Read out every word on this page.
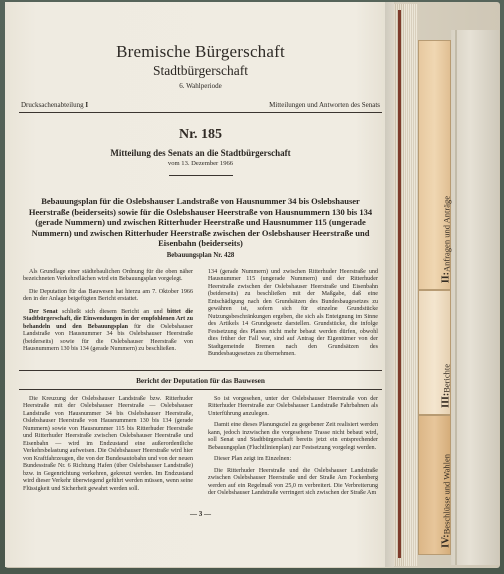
II:Anfragen und Anträge
III:Berichte
IV:Beschlüsse und Wahlen
Bremische Bürgerschaft
Stadtbürgerschaft
6. Wahlperiode
Drucksachenabteilung I	Mitteilungen und Antworten des Senats
Nr. 185
Mitteilung des Senats an die Stadtbürgerschaft
vom 13. Dezember 1966
Bebauungsplan für die Oslebshauser Landstraße von Hausnummer 34 bis Oslebshauser Heerstraße (beiderseits) sowie für die Oslebshauser Heerstraße von Hausnummern 130 bis 134 (gerade Nummern) und zwischen Ritterhuder Heerstraße und Hausnummer 115 (ungerade Nummern) und zwischen Ritterhuder Heerstraße zwischen der Oslebshauser Heerstraße und Eisenbahn (beiderseits)
Bebauungsplan Nr. 428

Als Grundlage einer städtebaulichen Ordnung für die oben näher bezeichneten Verkehrsflächen wird ein Bebauungsplan vorgelegt.

Die Deputation für das Bauwesen hat hierzu am 7. Oktober 1966 den in der Anlage beigefügten Bericht erstattet.

Der Senat schließt sich diesem Bericht an und bittet die Stadtbürgerschaft, die Einwendungen in der empfohlenen Art zu behandeln und den Bebauungsplan für die Oslebshauser Landstraße von Hausnummer 34 bis Oslebshauser Heerstraße (beiderseits) sowie für die Oslebshauser Heerstraße von Hausnummern 130 bis 134 (gerade Nummern) zu beschließen.

134 (gerade Nummern) und zwischen Ritterhuder Heerstraße und Hausnummer 115 (ungerade Nummern) und der Ritterhuder Heerstraße zwischen der Oslebshauser Heerstraße und Eisenbahn (beiderseits) zu beschließen mit der Maßgabe, daß eine Entschädigung nach den Grundsätzen des Bundesbaugesetzes zu gewähren ist, sofern sich für einzelne Grundstücke Nutzungsbeschränkungen ergeben, die sich als Enteignung im Sinne des Artikels 14 Grundgesetz darstellen. Grundstücke, die infolge Festsetzung des Planes nicht mehr bebaut werden dürfen, obwohl dies früher der Fall war, sind auf Antrag der Eigentümer von der Stadtgemeinde Bremen nach den Grundsätzen des Bundesbaugesetzes zu übernehmen.

Bericht der Deputation für das Bauwesen

Die Kreuzung der Oslebshauser Landstraße bzw. Ritterhuder Heerstraße mit der Oslebshauser Heerstraße — Oslebshauser Landstraße von Hausnummer 34 bis Oslebshauser Heerstraße, Oslebshauser Heerstraße von Hausnummern 130 bis 134 (gerade Nummern) sowie von Hausnummer 115 bis Ritterhuder Heerstraße und Ritterhuder Heerstraße zwischen Oslebshauser Heerstraße und Eisenbahn — wird im Endzustand eine außerordentliche Verkehrsbelastung aufweisen. Die Oslebshauser Heerstraße wird hier von Kraftfahrzeugen, die von der Bundesautobahn und von der neuen Bundesstraße Nr. 6 Richtung Hafen (über Oslebshauser Landstraße) bzw. in Gegenrichtung verkehren, gekreuzt werden. Im Endzustand wird dieser Verkehr überwiegend geführt werden müssen, wenn seine Flüssigkeit und Sicherheit gewahrt werden soll.

So ist vorgesehen, unter der Oslebshauser Heerstraße von der Ritterhuder Heerstraße zur Oslebshauser Landstraße Fahrbahnen als Unterführung anzulegen.

Damit eine dieses Planungsziel zu gegebener Zeit realisiert werden kann, jedoch inzwischen die vorgesehene Trasse nicht bebaut wird, soll Senat und Stadtbürgerschaft bereits jetzt ein entsprechender Bebauungsplan (Fluchtlinienplan) zur Festsetzung vorgelegt werden.

Dieser Plan zeigt im Einzelnen:

Die Ritterhuder Heerstraße und die Oslebshauser Landstraße zwischen Oslebshauser Heerstraße und der Straße Am Fockenberg werden auf ein Regelmaß von 25,0 m verbreitert. Die Verbreiterung der Oslebshauser Landstraße verringert sich zwischen der Straße Am

— 3 —
